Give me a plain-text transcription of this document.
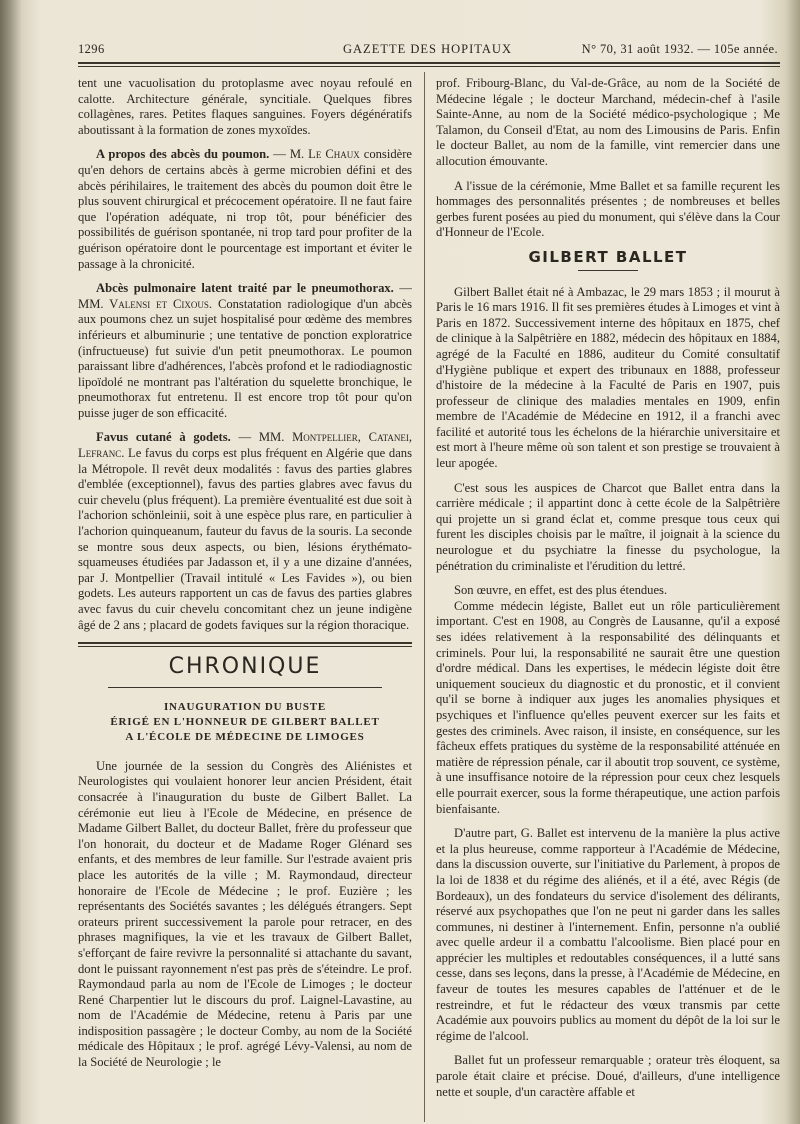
1296	GAZETTE DES HOPITAUX	N° 70, 31 août 1932. — 105e année.

tent une vacuolisation du protoplasme avec noyau refoulé en calotte. Architecture générale, syncitiale. Quelques fibres collagènes, rares. Petites flaques sanguines. Foyers dégénératifs aboutissant à la formation de zones myxoïdes.

A propos des abcès du poumon. — M. Le Chaux considère qu'en dehors de certains abcès à germe microbien défini et des abcès périhilaires, le traitement des abcès du poumon doit être le plus souvent chirurgical et précocement opératoire. Il ne faut faire que l'opération adéquate, ni trop tôt, pour bénéficier des possibilités de guérison spontanée, ni trop tard pour profiter de la guérison opératoire dont le pourcentage est important et éviter le passage à la chronicité.

Abcès pulmonaire latent traité par le pneumothorax. — MM. Valensi et Cixous. Constatation radiologique d'un abcès aux poumons chez un sujet hospitalisé pour œdème des membres inférieurs et albuminurie ; une tentative de ponction exploratrice (infructueuse) fut suivie d'un petit pneumothorax. Le poumon paraissant libre d'adhérences, l'abcès profond et le radiodiagnostic lipoïdolé ne montrant pas l'altération du squelette bronchique, le pneumothorax fut entretenu. Il est encore trop tôt pour qu'on puisse juger de son efficacité.

Favus cutané à godets. — MM. Montpellier, Catanei, Lefranc. Le favus du corps est plus fréquent en Algérie que dans la Métropole. Il revêt deux modalités : favus des parties glabres d'emblée (exceptionnel), favus des parties glabres avec favus du cuir chevelu (plus fréquent). La première éventualité est due soit à l'achorion schönleinii, soit à une espèce plus rare, en particulier à l'achorion quinqueanum, fauteur du favus de la souris. La seconde se montre sous deux aspects, ou bien, lésions érythémato-squameuses étudiées par Jadasson et, il y a une dizaine d'années, par J. Montpellier (Travail intitulé « Les Favides »), ou bien godets. Les auteurs rapportent un cas de favus des parties glabres avec favus du cuir chevelu concomitant chez un jeune indigène âgé de 2 ans ; placard de godets faviques sur la région thoracique.

CHRONIQUE
INAUGURATION DU BUSTE
ÉRIGÉ EN L'HONNEUR DE GILBERT BALLET
A L'ÉCOLE DE MÉDECINE DE LIMOGES

Une journée de la session du Congrès des Aliénistes et Neurologistes qui voulaient honorer leur ancien Président, était consacrée à l'inauguration du buste de Gilbert Ballet. La cérémonie eut lieu à l'Ecole de Médecine, en présence de Madame Gilbert Ballet, du docteur Ballet, frère du professeur que l'on honorait, du docteur et de Madame Roger Glénard ses enfants, et des membres de leur famille. Sur l'estrade avaient pris place les autorités de la ville ; M. Raymondaud, directeur honoraire de l'Ecole de Médecine ; le prof. Euzière ; les représentants des Sociétés savantes ; les délégués étrangers. Sept orateurs prirent successivement la parole pour retracer, en des phrases magnifiques, la vie et les travaux de Gilbert Ballet, s'efforçant de faire revivre la personnalité si attachante du savant, dont le puissant rayonnement n'est pas près de s'éteindre. Le prof. Raymondaud parla au nom de l'Ecole de Limoges ; le docteur René Charpentier lut le discours du prof. Laignel-Lavastine, au nom de l'Académie de Médecine, retenu à Paris par une indisposition passagère ; le docteur Comby, au nom de la Société médicale des Hôpitaux ; le prof. agrégé Lévy-Valensi, au nom de la Société de Neurologie ; le

prof. Fribourg-Blanc, du Val-de-Grâce, au nom de la Société de Médecine légale ; le docteur Marchand, médecin-chef à l'asile Sainte-Anne, au nom de la Société médico-psychologique ; Me Talamon, du Conseil d'Etat, au nom des Limousins de Paris. Enfin le docteur Ballet, au nom de la famille, vint remercier dans une allocution émouvante.

A l'issue de la cérémonie, Mme Ballet et sa famille reçurent les hommages des personnalités présentes ; de nombreuses et belles gerbes furent posées au pied du monument, qui s'élève dans la Cour d'Honneur de l'Ecole.

GILBERT BALLET

Gilbert Ballet était né à Ambazac, le 29 mars 1853 ; il mourut à Paris le 16 mars 1916. Il fit ses premières études à Limoges et vint à Paris en 1872. Successivement interne des hôpitaux en 1875, chef de clinique à la Salpêtrière en 1882, médecin des hôpitaux en 1884, agrégé de la Faculté en 1886, auditeur du Comité consultatif d'Hygiène publique et expert des tribunaux en 1888, professeur d'histoire de la médecine à la Faculté de Paris en 1907, puis professeur de clinique des maladies mentales en 1909, enfin membre de l'Académie de Médecine en 1912, il a franchi avec facilité et autorité tous les échelons de la hiérarchie universitaire et est mort à l'heure même où son talent et son prestige se trouvaient à leur apogée.

C'est sous les auspices de Charcot que Ballet entra dans la carrière médicale ; il appartint donc à cette école de la Salpêtrière qui projette un si grand éclat et, comme presque tous ceux qui furent les disciples choisis par le maître, il joignait à la science du neurologue et du psychiatre la finesse du psychologue, la pénétration du criminaliste et l'érudition du lettré.

Son œuvre, en effet, est des plus étendues.

Comme médecin légiste, Ballet eut un rôle particulièrement important. C'est en 1908, au Congrès de Lausanne, qu'il a exposé ses idées relativement à la responsabilité des délinquants et criminels. Pour lui, la responsabilité ne saurait être une question d'ordre médical. Dans les expertises, le médecin légiste doit être uniquement soucieux du diagnostic et du pronostic, et il convient qu'il se borne à indiquer aux juges les anomalies physiques et psychiques et l'influence qu'elles peuvent exercer sur les faits et gestes des criminels. Avec raison, il insiste, en conséquence, sur les fâcheux effets pratiques du système de la responsabilité atténuée en matière de répression pénale, car il aboutit trop souvent, ce système, à une insuffisance notoire de la répression pour ceux chez lesquels elle pourrait exercer, sous la forme thérapeutique, une action parfois bienfaisante.

D'autre part, G. Ballet est intervenu de la manière la plus active et la plus heureuse, comme rapporteur à l'Académie de Médecine, dans la discussion ouverte, sur l'initiative du Parlement, à propos de la loi de 1838 et du régime des aliénés, et il a été, avec Régis (de Bordeaux), un des fondateurs du service d'isolement des délirants, réservé aux psychopathes que l'on ne peut ni garder dans les salles communes, ni destiner à l'internement. Enfin, personne n'a oublié avec quelle ardeur il a combattu l'alcoolisme. Bien placé pour en apprécier les multiples et redoutables conséquences, il a lutté sans cesse, dans ses leçons, dans la presse, à l'Académie de Médecine, en faveur de toutes les mesures capables de l'atténuer et de le restreindre, et fut le rédacteur des vœux transmis par cette Académie aux pouvoirs publics au moment du dépôt de la loi sur le régime de l'alcool.

Ballet fut un professeur remarquable ; orateur très éloquent, sa parole était claire et précise. Doué, d'ailleurs, d'une intelligence nette et souple, d'un caractère affable et
